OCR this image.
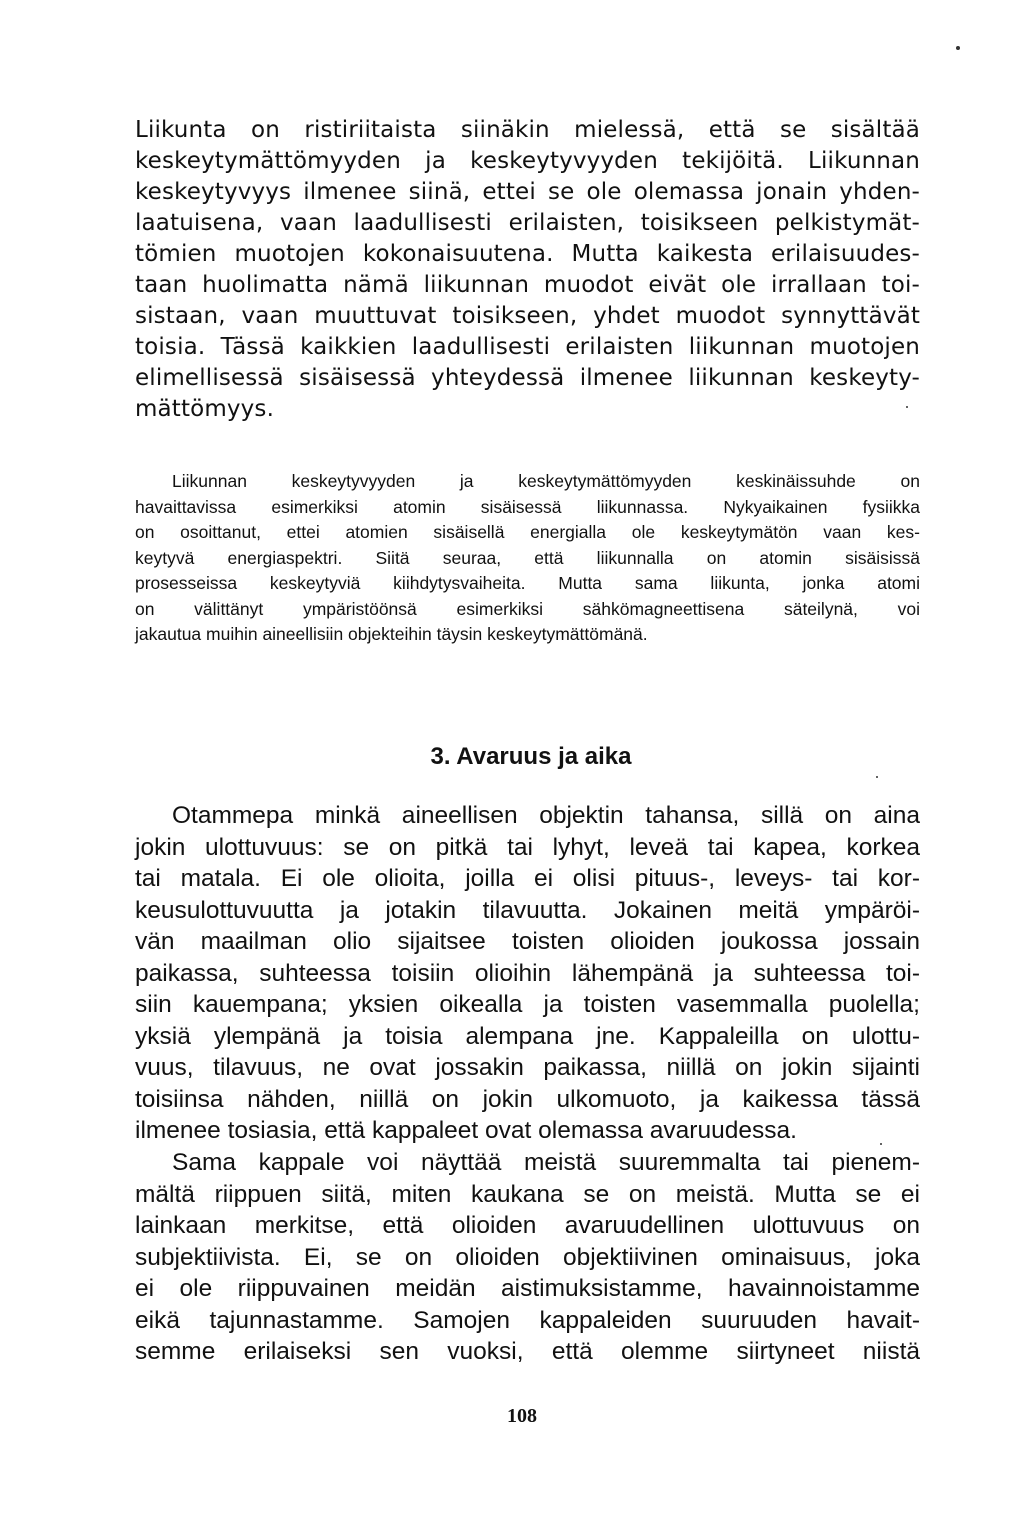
Liikunta on ristiriitaista siinäkin mielessä, että se sisältää
keskeytymättömyyden ja keskeytyvyyden tekijöitä. Liikunnan
keskeytyvyys ilmenee siinä, ettei se ole olemassa jonain yhden-
laatuisena, vaan laadullisesti erilaisten, toisikseen pelkistymät-
tömien muotojen kokonaisuutena. Mutta kaikesta erilaisuudes-
taan huolimatta nämä liikunnan muodot eivät ole irrallaan toi-
sistaan, vaan muuttuvat toisikseen, yhdet muodot synnyttävät
toisia. Tässä kaikkien laadullisesti erilaisten liikunnan muotojen
elimellisessä sisäisessä yhteydessä ilmenee liikunnan keskeyty-
mättömyys.
Liikunnan keskeytyvyyden ja keskeytymättömyyden keskinäissuhde on
havaittavissa esimerkiksi atomin sisäisessä liikunnassa. Nykyaikainen fysiikka
on osoittanut, ettei atomien sisäisellä energialla ole keskeytymätön vaan kes-
keytyvä energiaspektri. Siitä seuraa, että liikunnalla on atomin sisäisissä
prosesseissa keskeytyviä kiihdytysvaiheita. Mutta sama liikunta, jonka atomi
on välittänyt ympäristöönsä esimerkiksi sähkömagneettisena säteilynä, voi
jakautua muihin aineellisiin objekteihin täysin keskeytymättömänä.
3. Avaruus ja aika
Otammepa minkä aineellisen objektin tahansa, sillä on aina
jokin ulottuvuus: se on pitkä tai lyhyt, leveä tai kapea, korkea
tai matala. Ei ole olioita, joilla ei olisi pituus-, leveys- tai kor-
keusulottuvuutta ja jotakin tilavuutta. Jokainen meitä ympäröi-
vän maailman olio sijaitsee toisten olioiden joukossa jossain
paikassa, suhteessa toisiin olioihin lähempänä ja suhteessa toi-
siin kauempana; yksien oikealla ja toisten vasemmalla puolella;
yksiä ylempänä ja toisia alempana jne. Kappaleilla on ulottu-
vuus, tilavuus, ne ovat jossakin paikassa, niillä on jokin sijainti
toisiinsa nähden, niillä on jokin ulkomuoto, ja kaikessa tässä
ilmenee tosiasia, että kappaleet ovat olemassa avaruudessa.
Sama kappale voi näyttää meistä suuremmalta tai pienem-
mältä riippuen siitä, miten kaukana se on meistä. Mutta se ei
lainkaan merkitse, että olioiden avaruudellinen ulottuvuus on
subjektiivista. Ei, se on olioiden objektiivinen ominaisuus, joka
ei ole riippuvainen meidän aistimuksistamme, havainnoistamme
eikä tajunnastamme. Samojen kappaleiden suuruuden havait-
semme erilaiseksi sen vuoksi, että olemme siirtyneet niistä
108
